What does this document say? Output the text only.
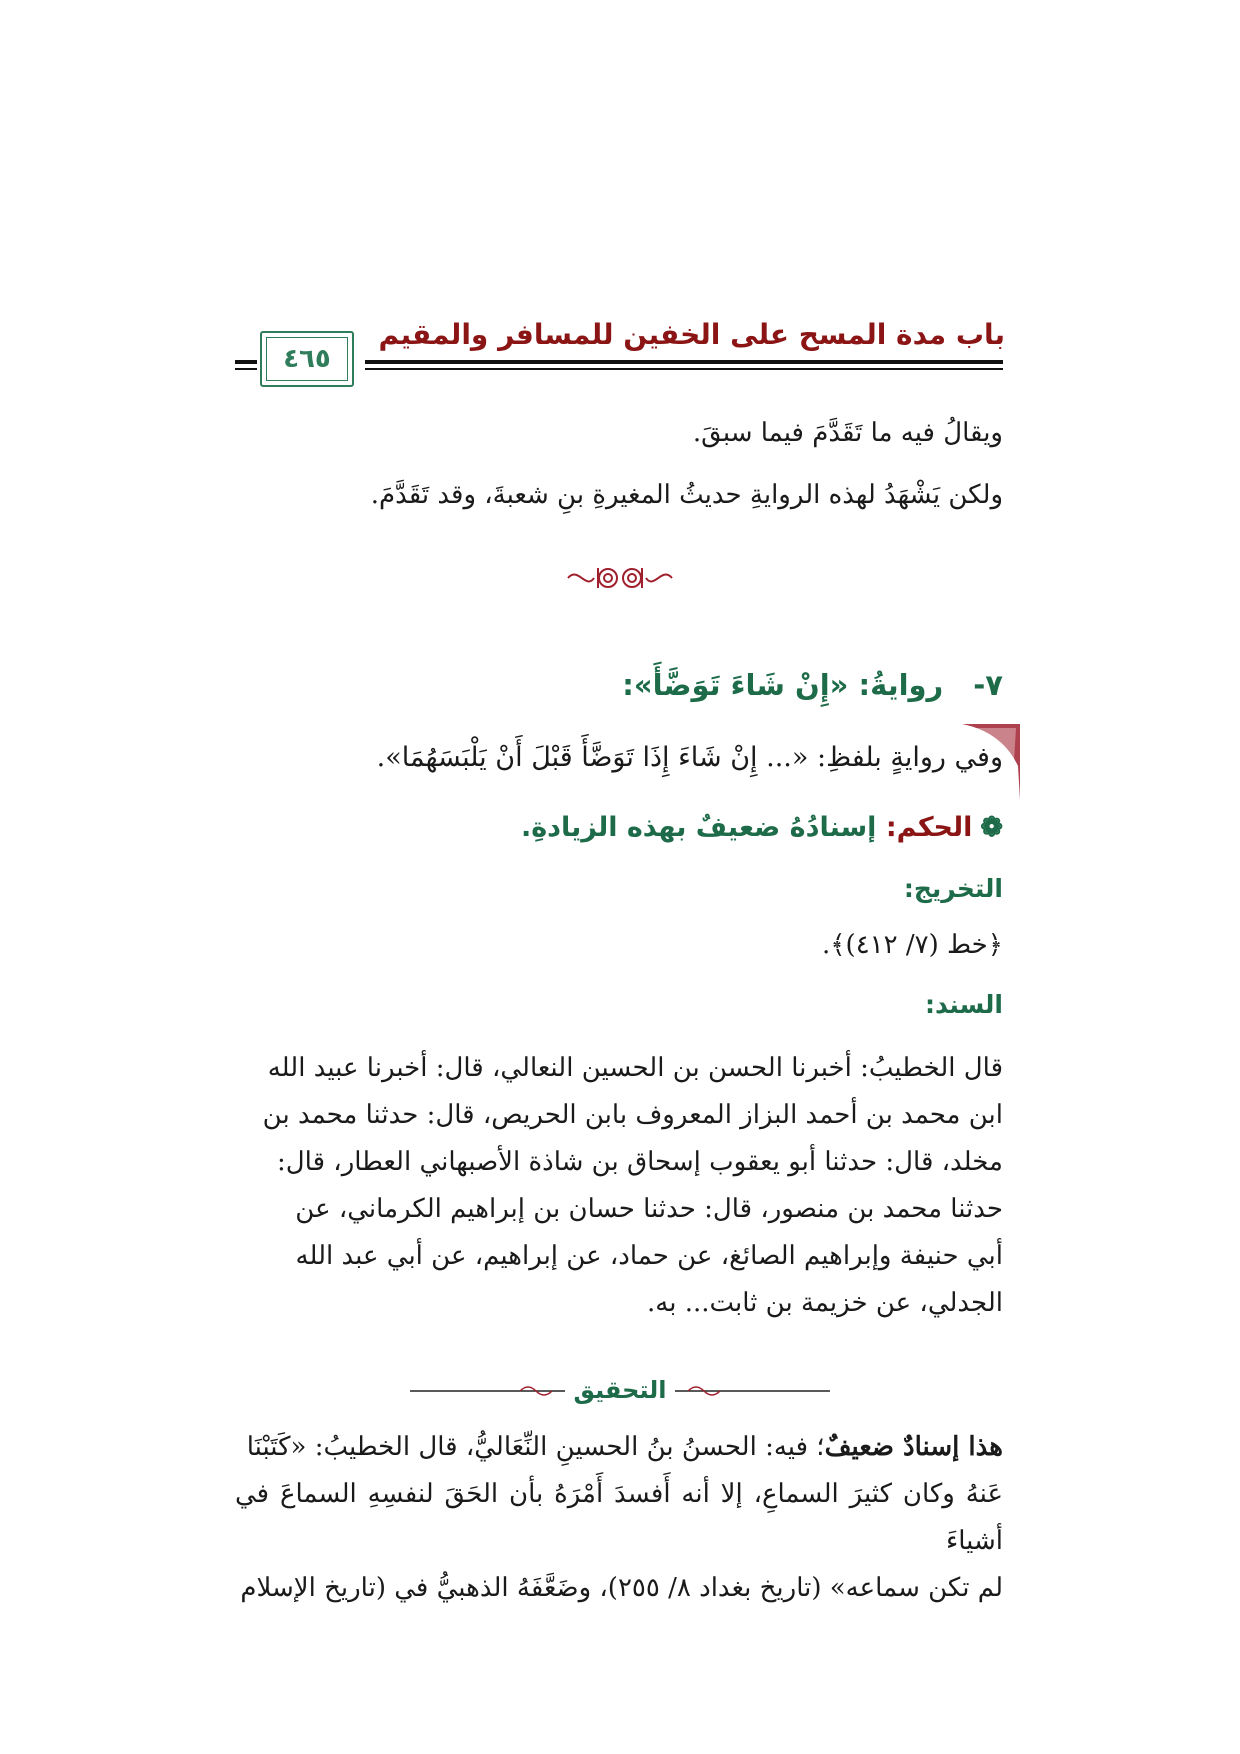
باب مدة المسح على الخفين للمسافر والمقيم
٤٦٥
ويقالُ فيه ما تَقَدَّمَ فيما سبقَ.
ولكن يَشْهَدُ لهذه الروايةِ حديثُ المغيرةِ بنِ شعبةَ، وقد تَقَدَّمَ.
٧-روايةُ: «إِنْ شَاءَ تَوَضَّأَ»:
وفي روايةٍ بلفظِ: «... إِنْ شَاءَ إِذَا تَوَضَّأَ قَبْلَ أَنْ يَلْبَسَهُمَا».
❁الحكم: إسنادُهُ ضعيفٌ بهذه الزيادةِ.
التخريج:
﴿خط (٧/ ٤١٢)﴾.
السند:
قال الخطيبُ: أخبرنا الحسن بن الحسين النعالي، قال: أخبرنا عبيد الله
ابن محمد بن أحمد البزاز المعروف بابن الحريص، قال: حدثنا محمد بن
مخلد، قال: حدثنا أبو يعقوب إسحاق بن شاذة الأصبهاني العطار، قال:
حدثنا محمد بن منصور، قال: حدثنا حسان بن إبراهيم الكرماني، عن
أبي حنيفة وإبراهيم الصائغ، عن حماد، عن إبراهيم، عن أبي عبد الله
الجدلي، عن خزيمة بن ثابت... به.
التحقيق
هذا إسنادٌ ضعيفٌ؛ فيه: الحسنُ بنُ الحسينِ النِّعَاليُّ، قال الخطيبُ: «كَتَبْنَا
عَنهُ وكان كثيرَ السماعِ، إلا أنه أَفسدَ أَمْرَهُ بأن الحَقَ لنفسِهِ السماعَ في أشياءَ
لم تكن سماعه» (تاريخ بغداد ٨/ ٢٥٥)، وضَعَّفَهُ الذهبيُّ في (تاريخ الإسلام
